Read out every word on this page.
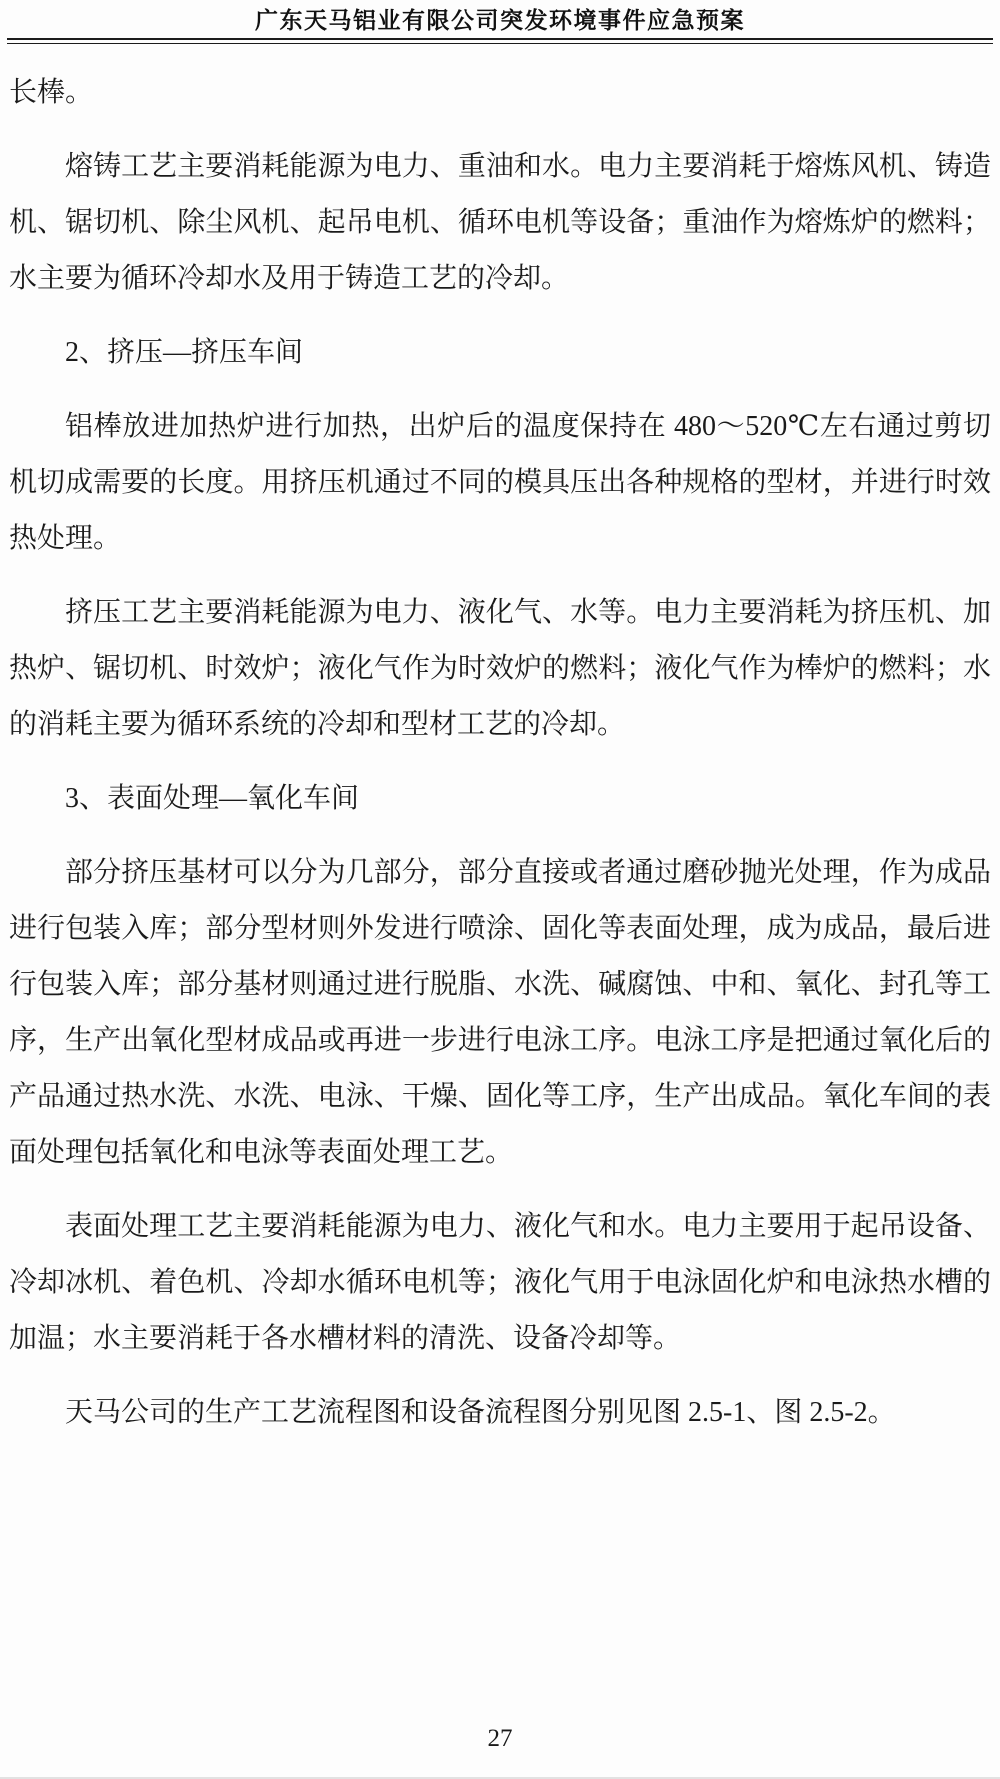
广东天马铝业有限公司突发环境事件应急预案

长棒。

熔铸工艺主要消耗能源为电力、重油和水。电力主要消耗于熔炼风机、铸造机、锯切机、除尘风机、起吊电机、循环电机等设备；重油作为熔炼炉的燃料；水主要为循环冷却水及用于铸造工艺的冷却。

2、挤压—挤压车间

铝棒放进加热炉进行加热，出炉后的温度保持在 480～520℃左右通过剪切机切成需要的长度。用挤压机通过不同的模具压出各种规格的型材，并进行时效热处理。

挤压工艺主要消耗能源为电力、液化气、水等。电力主要消耗为挤压机、加热炉、锯切机、时效炉；液化气作为时效炉的燃料；液化气作为棒炉的燃料；水的消耗主要为循环系统的冷却和型材工艺的冷却。

3、表面处理—氧化车间

部分挤压基材可以分为几部分，部分直接或者通过磨砂抛光处理，作为成品进行包装入库；部分型材则外发进行喷涂、固化等表面处理，成为成品，最后进行包装入库；部分基材则通过进行脱脂、水洗、碱腐蚀、中和、氧化、封孔等工序，生产出氧化型材成品或再进一步进行电泳工序。电泳工序是把通过氧化后的产品通过热水洗、水洗、电泳、干燥、固化等工序，生产出成品。氧化车间的表面处理包括氧化和电泳等表面处理工艺。

表面处理工艺主要消耗能源为电力、液化气和水。电力主要用于起吊设备、冷却冰机、着色机、冷却水循环电机等；液化气用于电泳固化炉和电泳热水槽的加温；水主要消耗于各水槽材料的清洗、设备冷却等。

天马公司的生产工艺流程图和设备流程图分别见图 2.5-1、图 2.5-2。

27
